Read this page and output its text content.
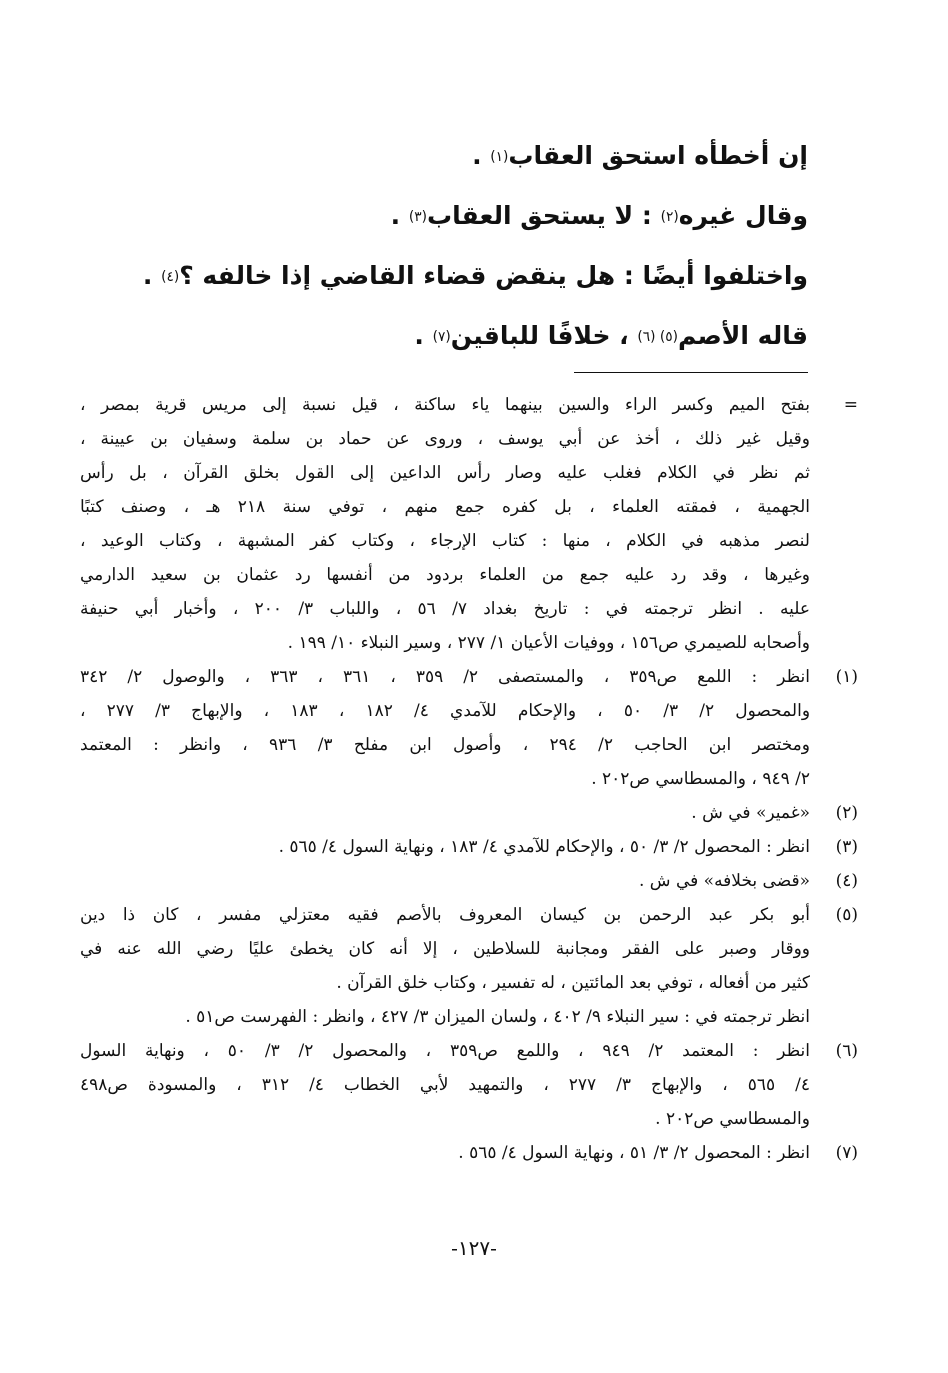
إن أخطأه استحق العقاب$^{(١)}$ .
وقال غيره$^{(٢)}$ : لا يستحق العقاب$^{(٣)}$ .
واختلفوا أيضًا : هل ينقض قضاء القاضي إذا خالفه ؟$^{(٤)}$ .
قاله الأصم$^{(٥) (٦)}$ ، خلافًا للباقين$^{(٧)}$ .
=
بفتح الميم وكسر الراء والسين بينهما ياء ساكنة ، قيل نسبة إلى مريس قرية بمصر ،
وقيل غير ذلك ، أخذ عن أبي يوسف ، وروى عن حماد بن سلمة وسفيان بن عيينة ،
ثم نظر في الكلام فغلب عليه وصار رأس الداعين إلى القول بخلق القرآن ، بل رأس
الجهمية ، فمقته العلماء ، بل كفره جمع منهم ، توفي سنة ٢١٨ هـ ، وصنف كتبًا
لنصر مذهبه في الكلام ، منها : كتاب الإرجاء ، وكتاب كفر المشبهة ، وكتاب الوعيد ،
وغيرها ، وقد رد عليه جمع من العلماء بردود من أنفسها رد عثمان بن سعيد الدارمي
عليه . انظر ترجمته في : تاريخ بغداد ٧/ ٥٦ ، واللباب ٣/ ٢٠٠ ، وأخبار أبي حنيفة
وأصحابه للصيمري ص١٥٦ ، ووفيات الأعيان ١/ ٢٧٧ ، وسير النبلاء ١٠/ ١٩٩ .
(١)
انظر : اللمع ص٣٥٩ ، والمستصفى ٢/ ٣٥٩ ، ٣٦١ ، ٣٦٣ ، والوصول ٢/ ٣٤٢
والمحصول ٢/ ٣/ ٥٠ ، والإحكام للآمدي ٤/ ١٨٢ ، ١٨٣ ، والإبهاج ٣/ ٢٧٧ ،
ومختصر ابن الحاجب ٢/ ٢٩٤ ، وأصول ابن مفلح ٣/ ٩٣٦ ، وانظر : المعتمد
٢/ ٩٤٩ ، والمسطاسي ص٢٠٢ .
(٢)
«غمير» في ش .
(٣)
انظر : المحصول ٢/ ٣/ ٥٠ ، والإحكام للآمدي ٤/ ١٨٣ ، ونهاية السول ٤/ ٥٦٥ .
(٤)
«قضى بخلافه» في ش .
(٥)
أبو بكر عبد الرحمن بن كيسان المعروف بالأصم فقيه معتزلي مفسر ، كان ذا دين
ووقار وصبر على الفقر ومجانبة للسلاطين ، إلا أنه كان يخطئ عليًا رضي الله عنه في
كثير من أفعاله ، توفي بعد المائتين ، له تفسير ، وكتاب خلق القرآن .
انظر ترجمته في : سير النبلاء ٩/ ٤٠٢ ، ولسان الميزان ٣/ ٤٢٧ ، وانظر : الفهرست ص٥١ .
(٦)
انظر : المعتمد ٢/ ٩٤٩ ، واللمع ص٣٥٩ ، والمحصول ٢/ ٣/ ٥٠ ، ونهاية السول
٤/ ٥٦٥ ، والإبهاج ٣/ ٢٧٧ ، والتمهيد لأبي الخطاب ٤/ ٣١٢ ، والمسودة ص٤٩٨
والمسطاسي ص٢٠٢ .
(٧)
انظر : المحصول ٢/ ٣/ ٥١ ، ونهاية السول ٤/ ٥٦٥ .
-١٢٧-
